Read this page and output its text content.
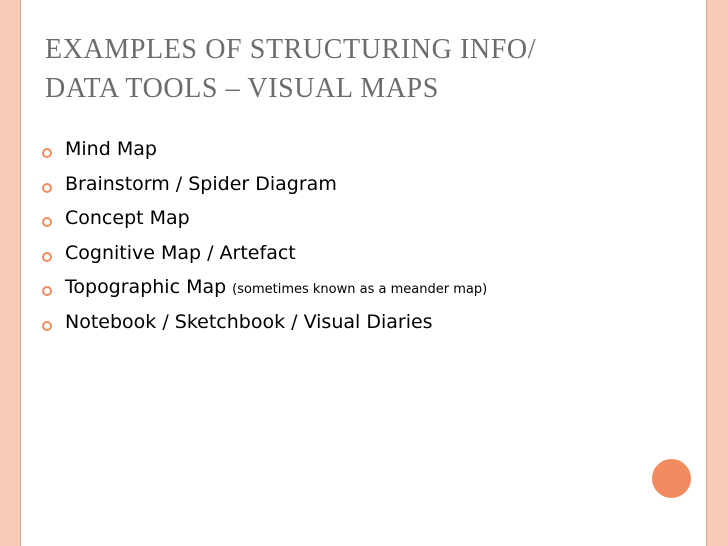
EXAMPLES OF STRUCTURING INFO/
DATA TOOLS – VISUAL MAPS
Mind Map
Brainstorm / Spider Diagram
Concept Map
Cognitive Map / Artefact
Topographic Map (sometimes known as a meander map)
Notebook / Sketchbook / Visual Diaries
